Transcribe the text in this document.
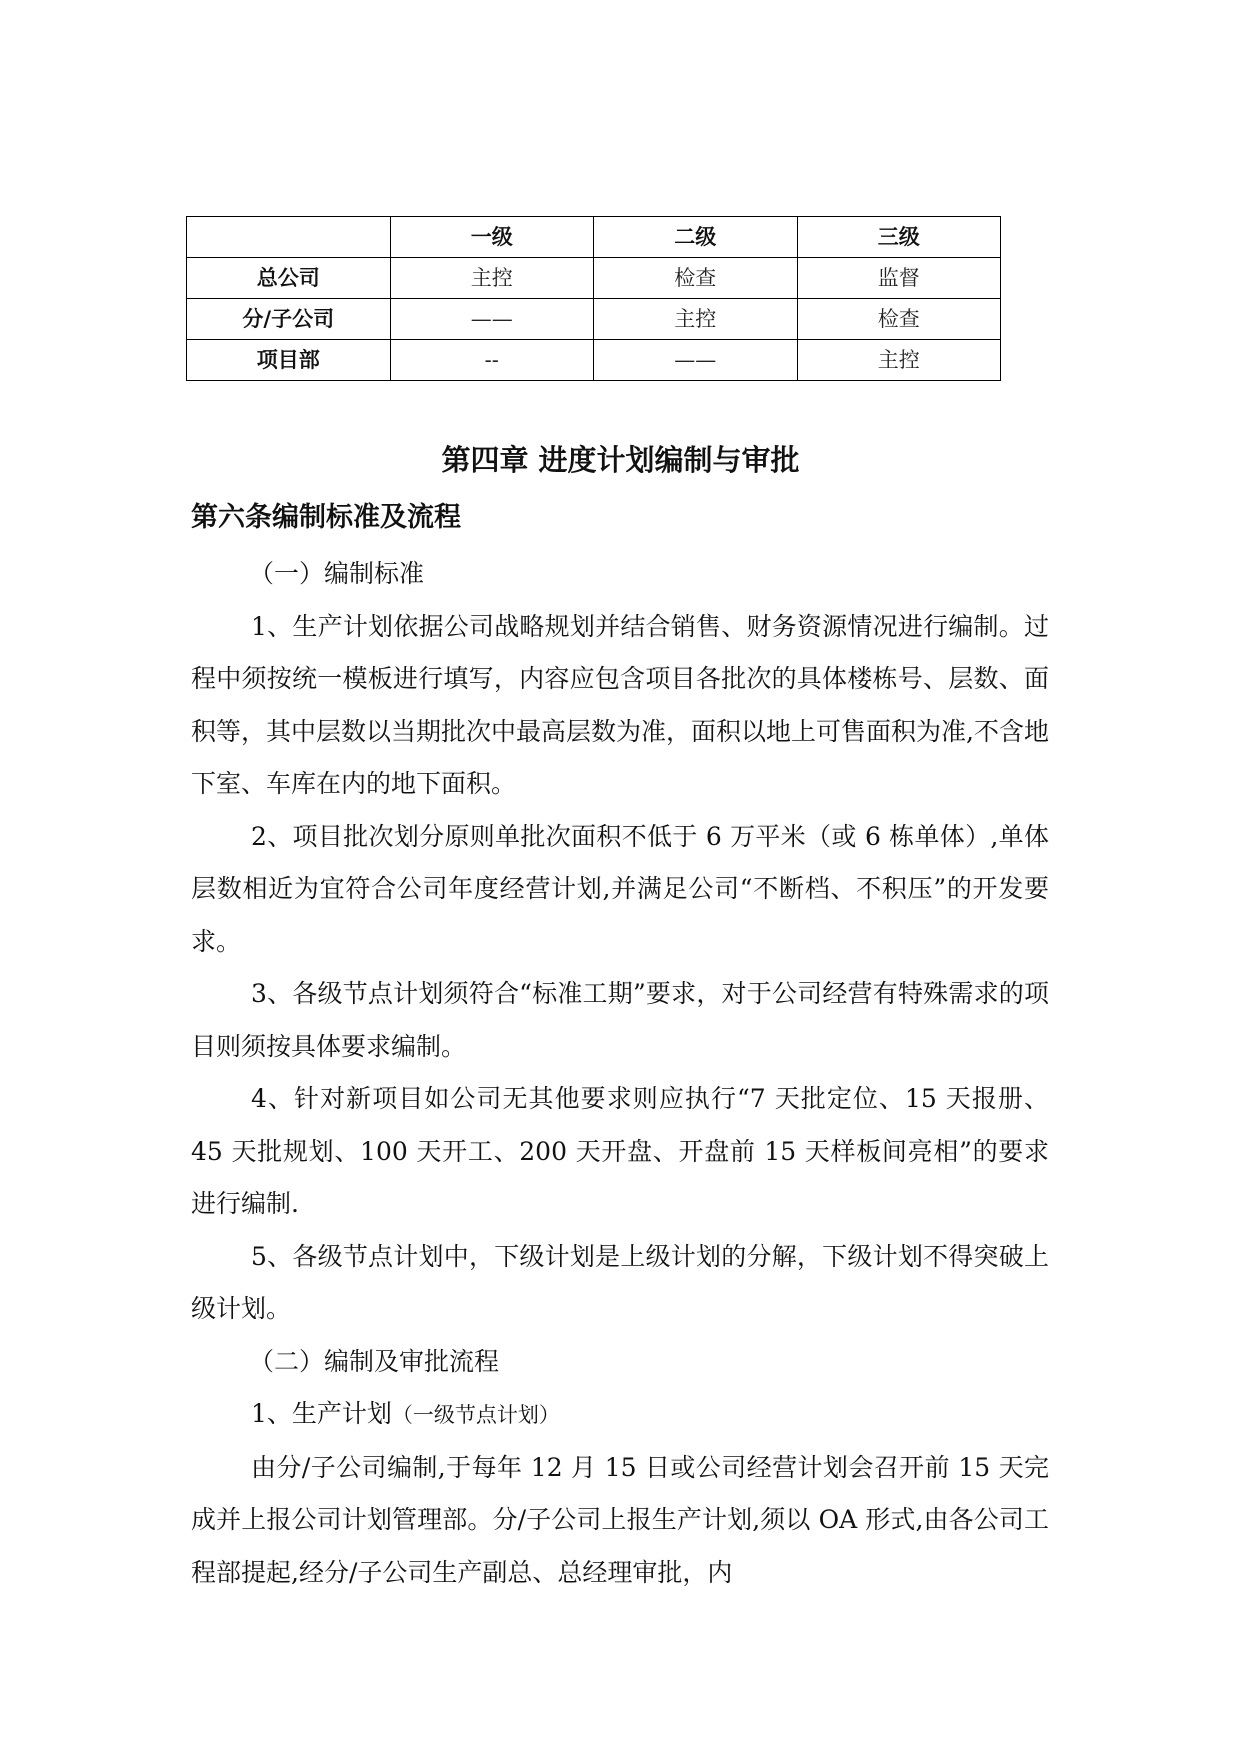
	一级	二级	三级
总公司	主控	检查	监督
分/子公司	——	主控	检查
项目部	--	——	主控
第四章 进度计划编制与审批
第六条编制标准及流程

（一）编制标准

1、生产计划依据公司战略规划并结合销售、财务资源情况进行编制。过程中须按统一模板进行填写，内容应包含项目各批次的具体楼栋号、层数、面积等，其中层数以当期批次中最高层数为准，面积以地上可售面积为准,不含地下室、车库在内的地下面积。

2、项目批次划分原则单批次面积不低于 6 万平米（或 6 栋单体）,单体层数相近为宜符合公司年度经营计划,并满足公司“不断档、不积压”的开发要求。

3、各级节点计划须符合“标准工期”要求，对于公司经营有特殊需求的项目则须按具体要求编制。

4、针对新项目如公司无其他要求则应执行“7 天批定位、15 天报册、45 天批规划、100 天开工、200 天开盘、开盘前 15 天样板间亮相”的要求进行编制.

5、各级节点计划中，下级计划是上级计划的分解，下级计划不得突破上级计划。

（二）编制及审批流程

1、生产计划（一级节点计划）

由分/子公司编制,于每年 12 月 15 日或公司经营计划会召开前 15 天完成并上报公司计划管理部。分/子公司上报生产计划,须以 OA 形式,由各公司工程部提起,经分/子公司生产副总、总经理审批，内
